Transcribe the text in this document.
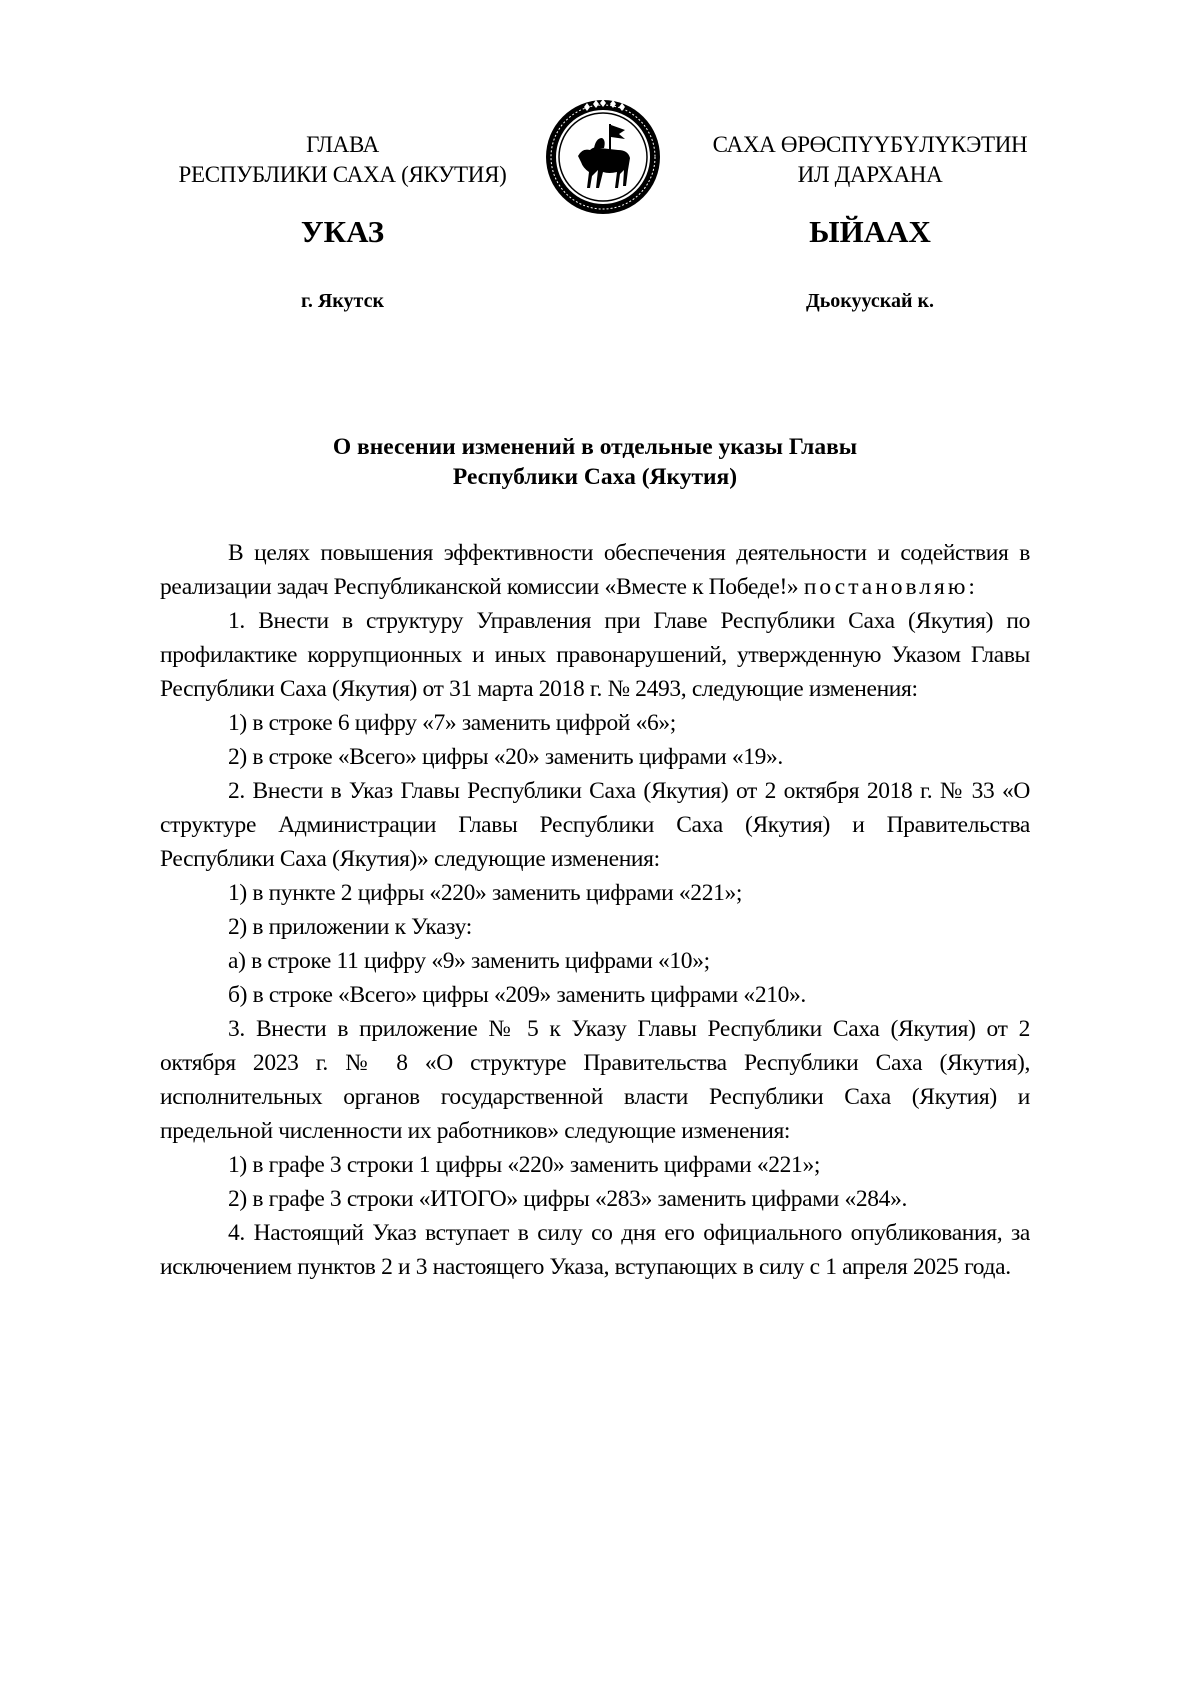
ГЛАВА
РЕСПУБЛИКИ САХА (ЯКУТИЯ)
САХА ӨРӨСПҮҮБҮЛҮКЭТИН
ИЛ ДАРХАНА
УКАЗ	ЫЙААХ
г. Якутск	Дьокуускай к.
О внесении изменений в отдельные указы Главы
Республики Саха (Якутия)

В целях повышения эффективности обеспечения деятельности и содействия в реализации задач Республиканской комиссии «Вместе к Победе!» постановляю:

1. Внести в структуру Управления при Главе Республики Саха (Якутия) по профилактике коррупционных и иных правонарушений, утвержденную Указом Главы Республики Саха (Якутия) от 31 марта 2018 г. № 2493, следующие изменения:

1) в строке 6 цифру «7» заменить цифрой «6»;

2) в строке «Всего» цифры «20» заменить цифрами «19».

2. Внести в Указ Главы Республики Саха (Якутия) от 2 октября 2018 г. № 33 «О структуре Администрации Главы Республики Саха (Якутия) и Правительства Республики Саха (Якутия)» следующие изменения:

1) в пункте 2 цифры «220» заменить цифрами «221»;

2) в приложении к Указу:

а) в строке 11 цифру «9» заменить цифрами «10»;

б) в строке «Всего» цифры «209» заменить цифрами «210».

3. Внести в приложение № 5 к Указу Главы Республики Саха (Якутия) от 2 октября 2023 г. № 8 «О структуре Правительства Республики Саха (Якутия), исполнительных органов государственной власти Республики Саха (Якутия) и предельной численности их работников» следующие изменения:

1) в графе 3 строки 1 цифры «220» заменить цифрами «221»;

2) в графе 3 строки «ИТОГО» цифры «283» заменить цифрами «284».

4. Настоящий Указ вступает в силу со дня его официального опубликования, за исключением пунктов 2 и 3 настоящего Указа, вступающих в силу с 1 апреля 2025 года.
